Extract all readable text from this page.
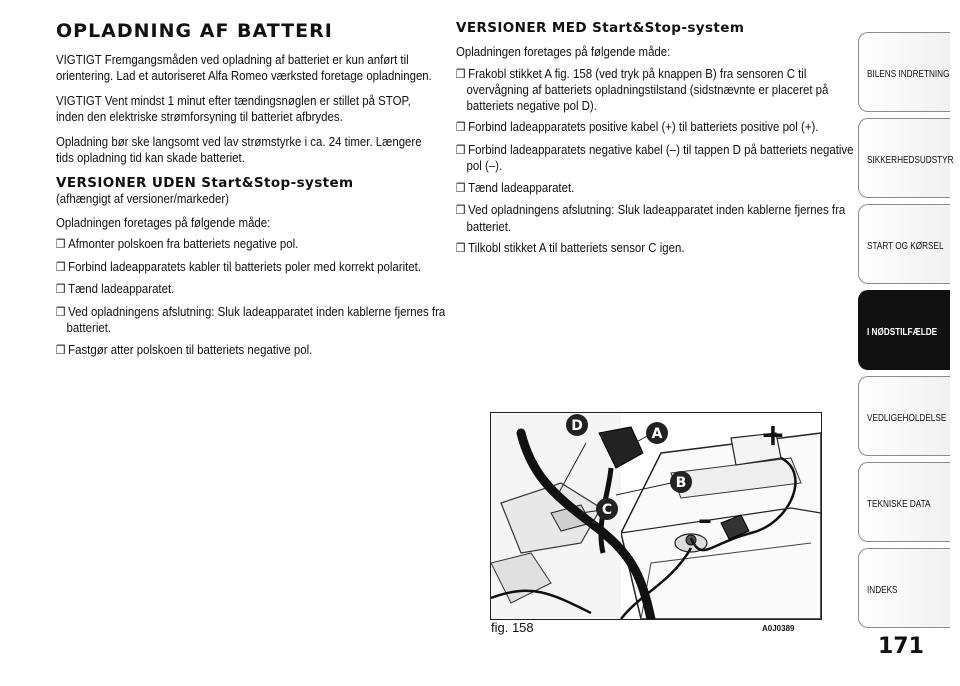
OPLADNING AF BATTERI

VIGTIGT Fremgangsmåden ved opladning af batteriet er kun anført til orientering. Lad et autoriseret Alfa Romeo værksted foretage opladningen.

VIGTIGT Vent mindst 1 minut efter tændingsnøglen er stillet på STOP, inden den elektriske strømforsyning til batteriet afbrydes.

Opladning bør ske langsomt ved lav strømstyrke i ca. 24 timer. Længere tids opladning tid kan skade batteriet.

VERSIONER UDEN Start&Stop-system

(afhængigt af versioner/markeder)

Opladningen foretages på følgende måde:

❒ Afmonter polskoen fra batteriets negative pol.
❒ Forbind ladeapparatets kabler til batteriets poler med korrekt polaritet.
❒ Tænd ladeapparatet.
❒ Ved opladningens afslutning: Sluk ladeapparatet inden kablerne fjernes fra batteriet.
❒ Fastgør atter polskoen til batteriets negative pol.
VERSIONER MED Start&Stop-system

Opladningen foretages på følgende måde:

❒ Frakobl stikket A fig. 158 (ved tryk på knappen B) fra sensoren C til overvågning af batteriets opladningstilstand (sidstnævnte er placeret på batteriets negative pol D).
❒ Forbind ladeapparatets positive kabel (+) til batteriets positive pol (+).
❒ Forbind ladeapparatets negative kabel (–) til tappen D på batteriets negative pol (–).
❒ Tænd ladeapparatet.
❒ Ved opladningens afslutning: Sluk ladeapparatet inden kablerne fjernes fra batteriet.
❒ Tilkobl stikket A til batteriets sensor C igen.
D	A
B
C
+
–
fig. 158	A0J0389
BILENS INDRETNING
SIKKERHEDSUDSTYR
START OG KØRSEL
I NØDSTILFÆLDE
VEDLIGEHOLDELSE
TEKNISKE DATA
INDEKS
171
